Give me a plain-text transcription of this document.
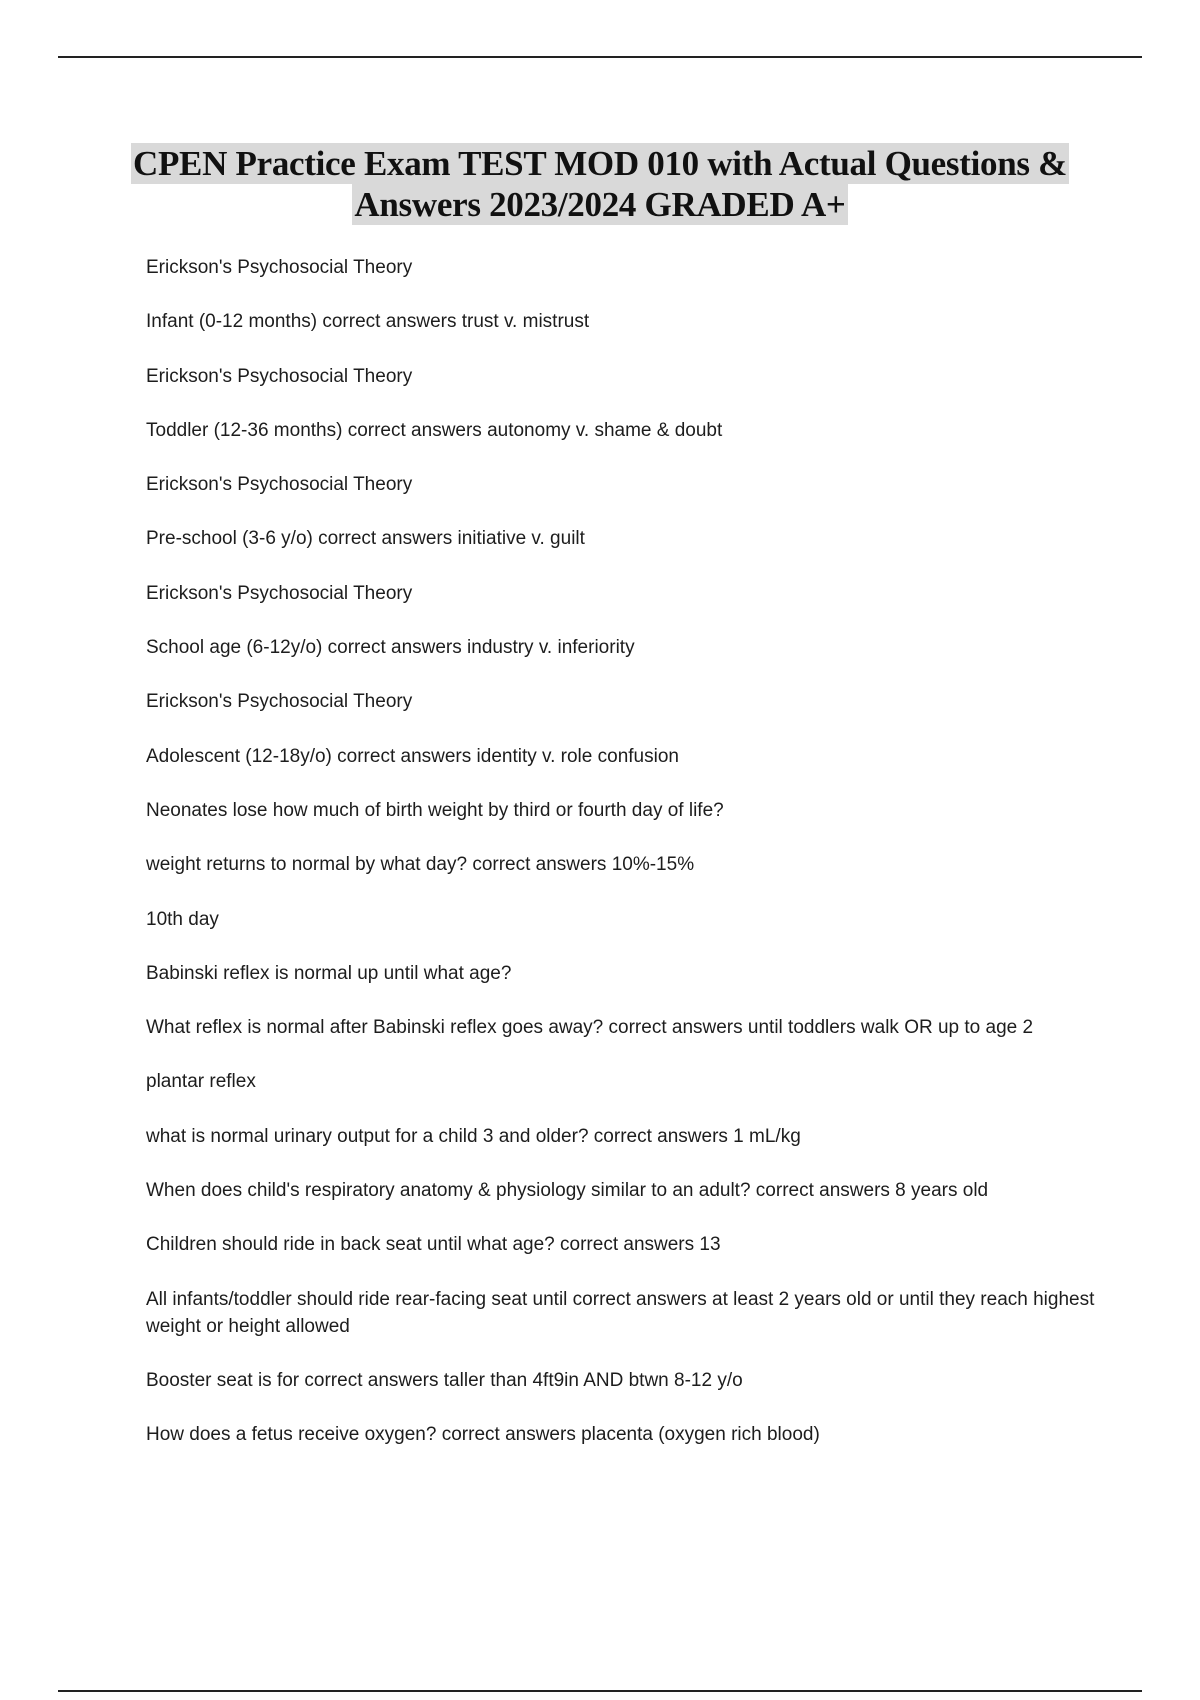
CPEN Practice Exam TEST MOD 010 with Actual Questions &
Answers 2023/2024 GRADED A+

Erickson's Psychosocial Theory

Infant (0-12 months) correct answers trust v. mistrust

Erickson's Psychosocial Theory

Toddler (12-36 months) correct answers autonomy v. shame & doubt

Erickson's Psychosocial Theory

Pre-school (3-6 y/o) correct answers initiative v. guilt

Erickson's Psychosocial Theory

School age (6-12y/o) correct answers industry v. inferiority

Erickson's Psychosocial Theory

Adolescent (12-18y/o) correct answers identity v. role confusion

Neonates lose how much of birth weight by third or fourth day of life?

weight returns to normal by what day? correct answers 10%-15%

10th day

Babinski reflex is normal up until what age?

What reflex is normal after Babinski reflex goes away? correct answers until toddlers walk OR up to age 2

plantar reflex

what is normal urinary output for a child 3 and older? correct answers 1 mL/kg

When does child's respiratory anatomy & physiology similar to an adult? correct answers 8 years old

Children should ride in back seat until what age? correct answers 13

All infants/toddler should ride rear-facing seat until correct answers at least 2 years old or until they reach highest weight or height allowed

Booster seat is for correct answers taller than 4ft9in AND btwn 8-12 y/o

How does a fetus receive oxygen? correct answers placenta (oxygen rich blood)
